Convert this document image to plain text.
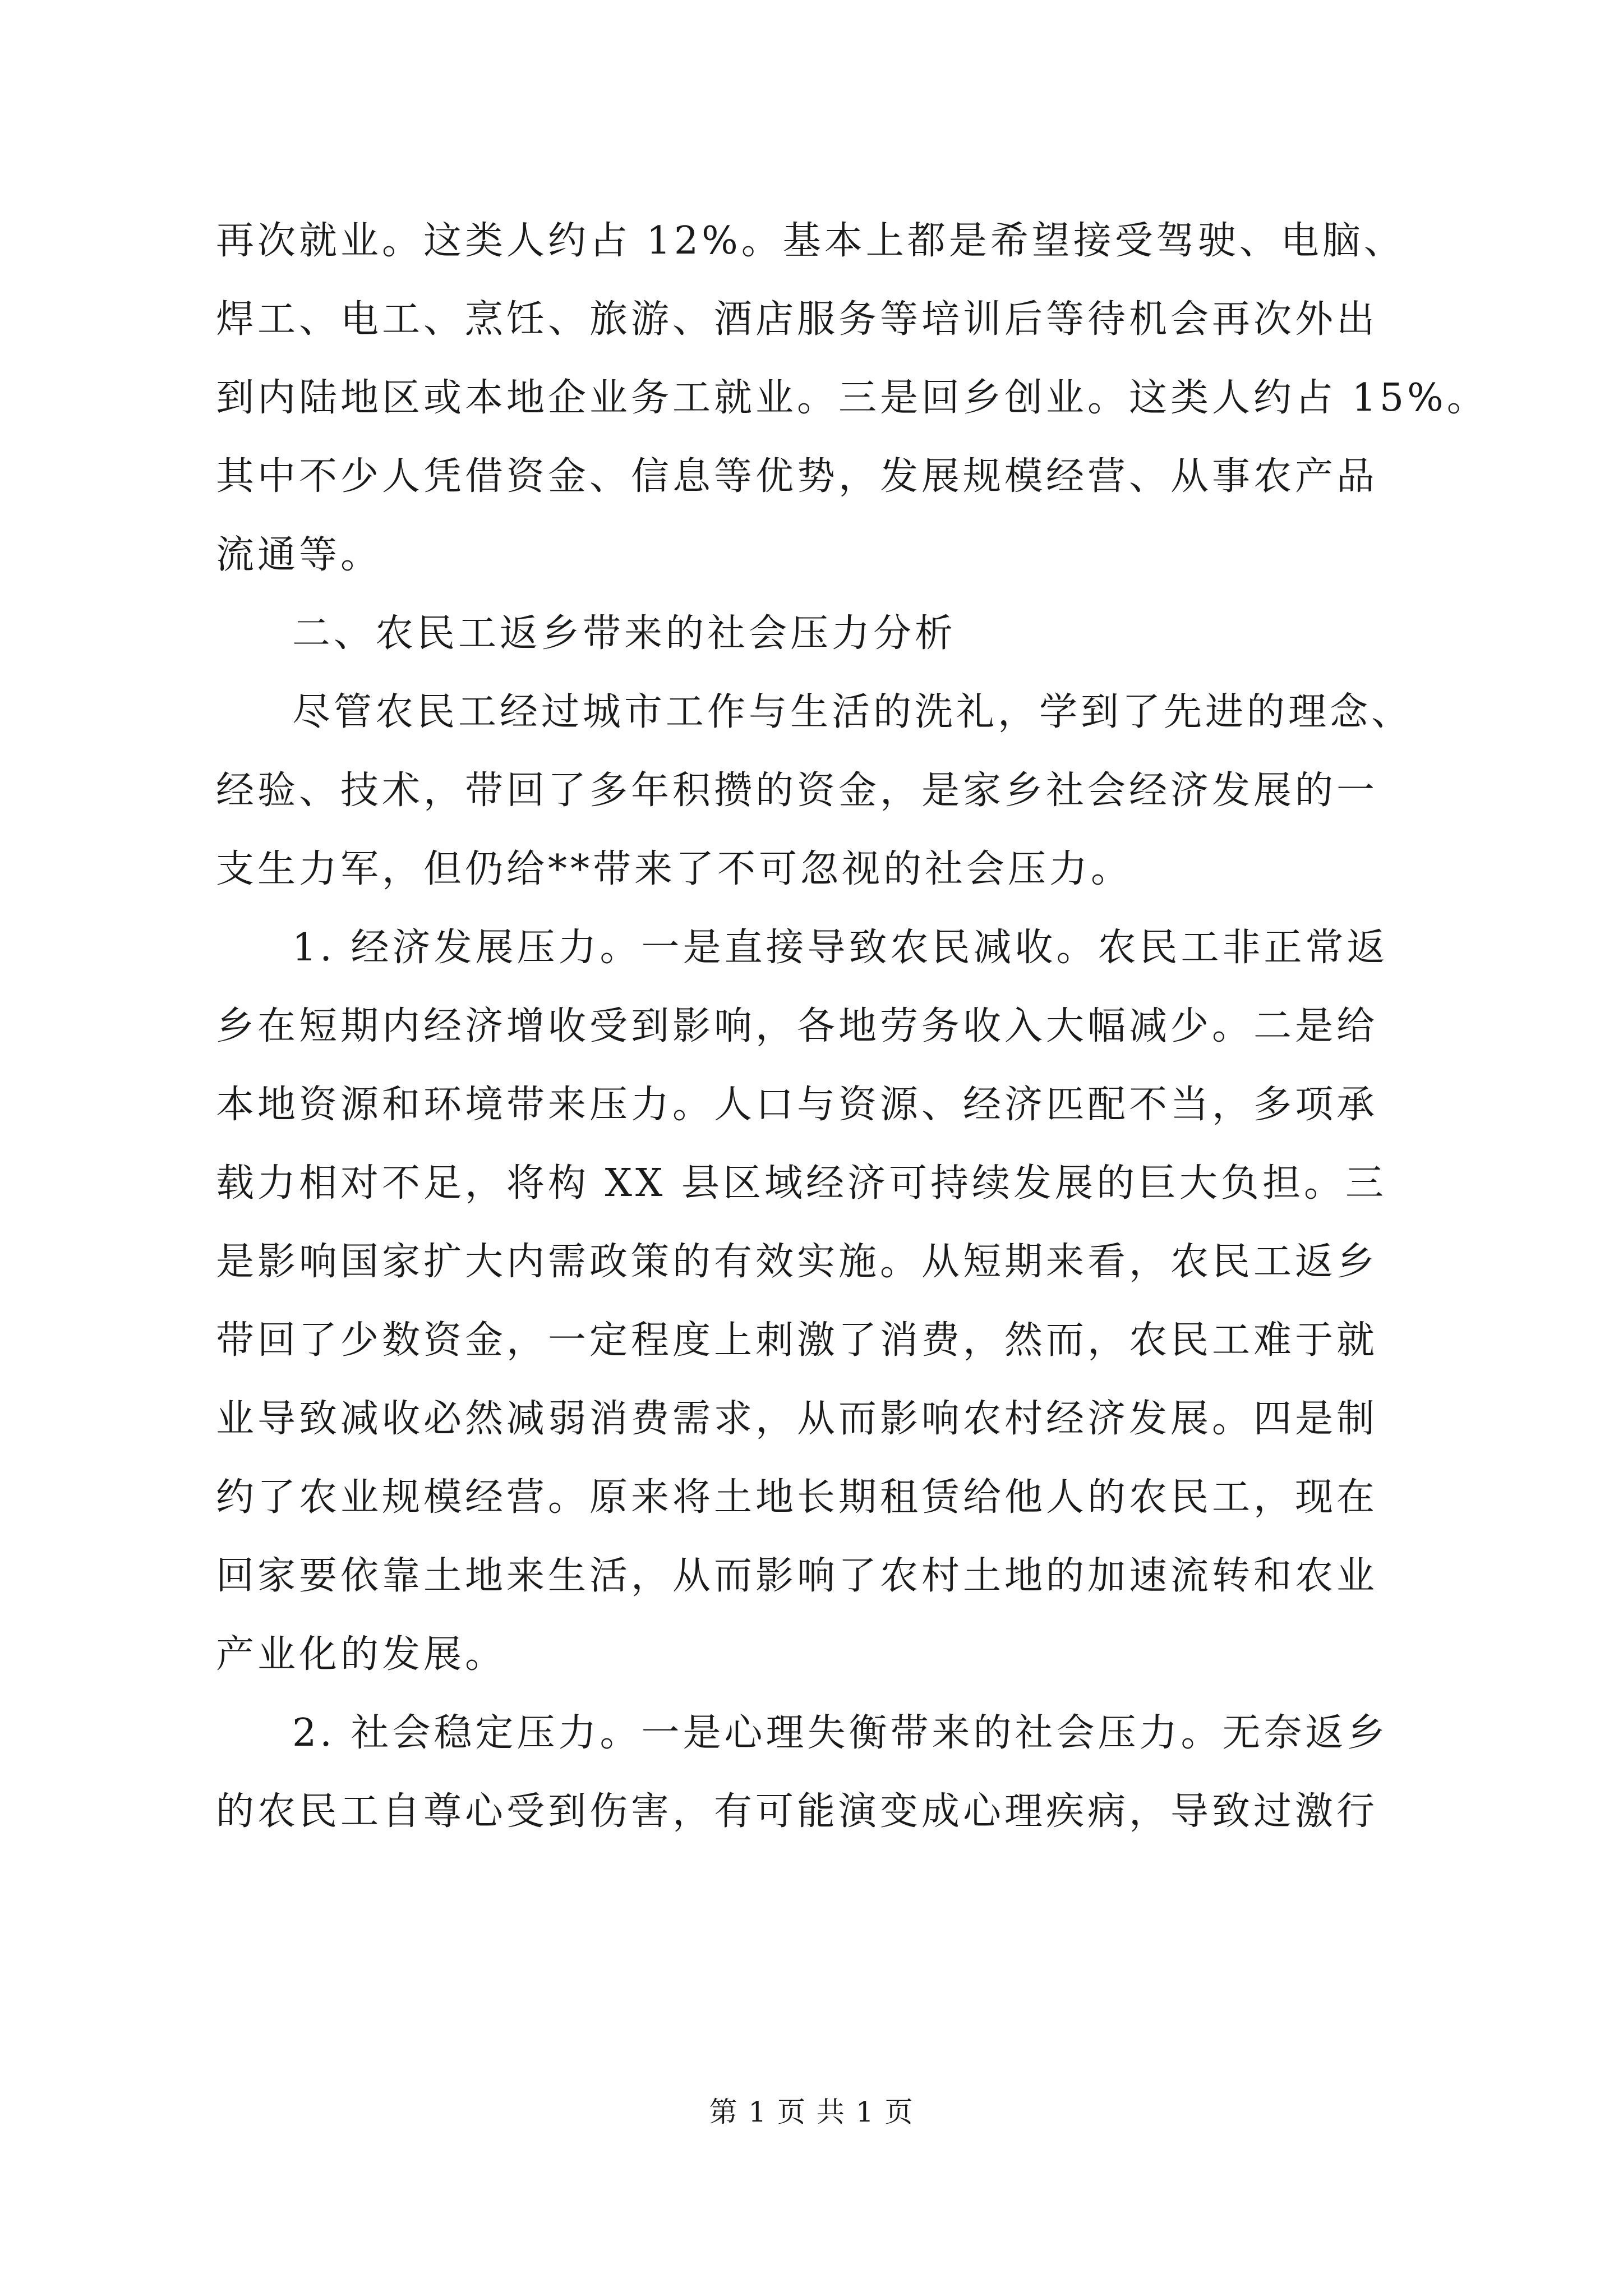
再次就业。这类人约占 12%。基本上都是希望接受驾驶、电脑、
焊工、电工、烹饪、旅游、酒店服务等培训后等待机会再次外出
到内陆地区或本地企业务工就业。三是回乡创业。这类人约占 15%。
其中不少人凭借资金、信息等优势，发展规模经营、从事农产品
流通等。
二、农民工返乡带来的社会压力分析
尽管农民工经过城市工作与生活的洗礼，学到了先进的理念、
经验、技术，带回了多年积攒的资金，是家乡社会经济发展的一
支生力军，但仍给**带来了不可忽视的社会压力。
1. 经济发展压力。一是直接导致农民减收。农民工非正常返
乡在短期内经济增收受到影响，各地劳务收入大幅减少。二是给
本地资源和环境带来压力。人口与资源、经济匹配不当，多项承
载力相对不足，将构 XX 县区域经济可持续发展的巨大负担。三
是影响国家扩大内需政策的有效实施。从短期来看，农民工返乡
带回了少数资金，一定程度上刺激了消费，然而，农民工难于就
业导致减收必然减弱消费需求，从而影响农村经济发展。四是制
约了农业规模经营。原来将土地长期租赁给他人的农民工，现在
回家要依靠土地来生活，从而影响了农村土地的加速流转和农业
产业化的发展。
2. 社会稳定压力。一是心理失衡带来的社会压力。无奈返乡
的农民工自尊心受到伤害，有可能演变成心理疾病，导致过激行
第 1 页 共 1 页
